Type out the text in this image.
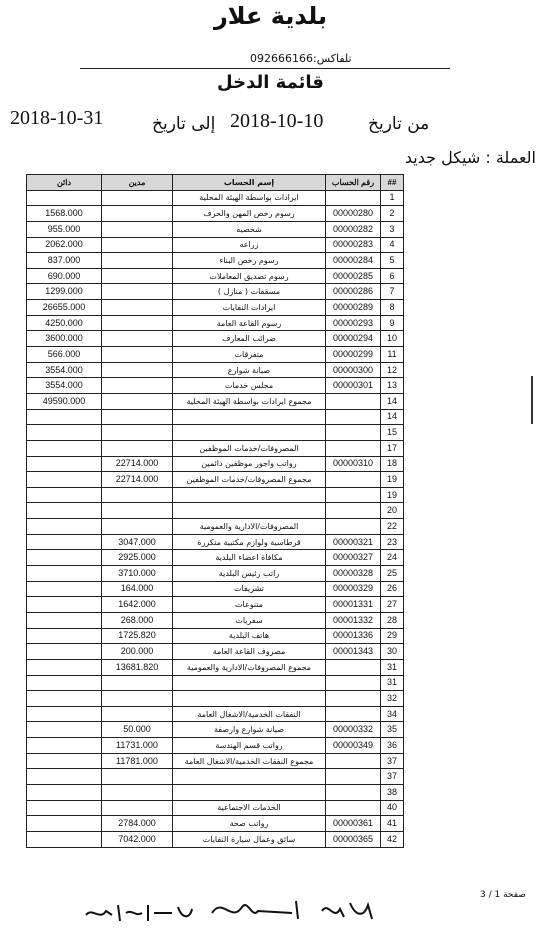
بلدية علار
تلفاكس:092666166
قائمة الدخل
من تاريخ
2018-10-10
إلى تاريخ
2018-10-31
العملة : شيكل جديد
دائن	مدين	إسم الحساب	رقم الحساب	##
		ايرادات بواسطة الهيئة المحلية		1
1568.000		رسوم رخص المهن والحرف	00000280	2
955.000		شخصيه	00000282	3
2062.000		زراعه	00000283	4
837.000		رسوم رخص البناء	00000284	5
690.000		رسوم تصديق المعاملات	00000285	6
1299.000		مسقفات ( منازل )	00000286	7
26655.000		ايرادات النفايات	00000289	8
4250.000		رسوم القاعة العامة	00000293	9
3600.000		ضرائب المعارف	00000294	10
566.000		متفرقات	00000299	11
3554.000		صيانة شوارع	00000300	12
3554.000		مجلس خدمات	00000301	13
49590.000		مجموع ايرادات بواسطة الهيئة المحلية		14
				14
				15
		المصروفات/خدمات الموظفين		17
	22714.000	رواتب واجور موظفين دائمين	00000310	18
	22714.000	مجموع المصروفات/خدمات الموظفين		19
				19
				20
		المصروفات/الادارية والعمومية		22
	3047.000	قرطاسية ولوازم مكتبية متكررة	00000321	23
	2925.000	مكافاة اعضاء البلدية	00000327	24
	3710.000	راتب رئيس البلدية	00000328	25
	164.000	تشريفات	00000329	26
	1642.000	متنوعات	00001331	27
	268.000	سفريات	00001332	28
	1725.820	هاتف البلدية	00001336	29
	200.000	مصروف القاعة العامة	00001343	30
	13681.820	مجموع المصروفات/الادارية والعمومية		31
				31
				32
		النفقات الخدمية/الاشغال العامة		34
	50.000	صيانة شوارع وارصفة	00000332	35
	11731.000	رواتب قسم الهندسة	00000349	36
	11781.000	مجموع النفقات الخدمية/الاشغال العامة		37
				37
				38
		الخدمات الاجتماعية		40
	2784.000	رواتب صحة	00000361	41
	7042.000	سائق وعمال سيارة النفايات	00000365	42
صفحة 1 / 3
